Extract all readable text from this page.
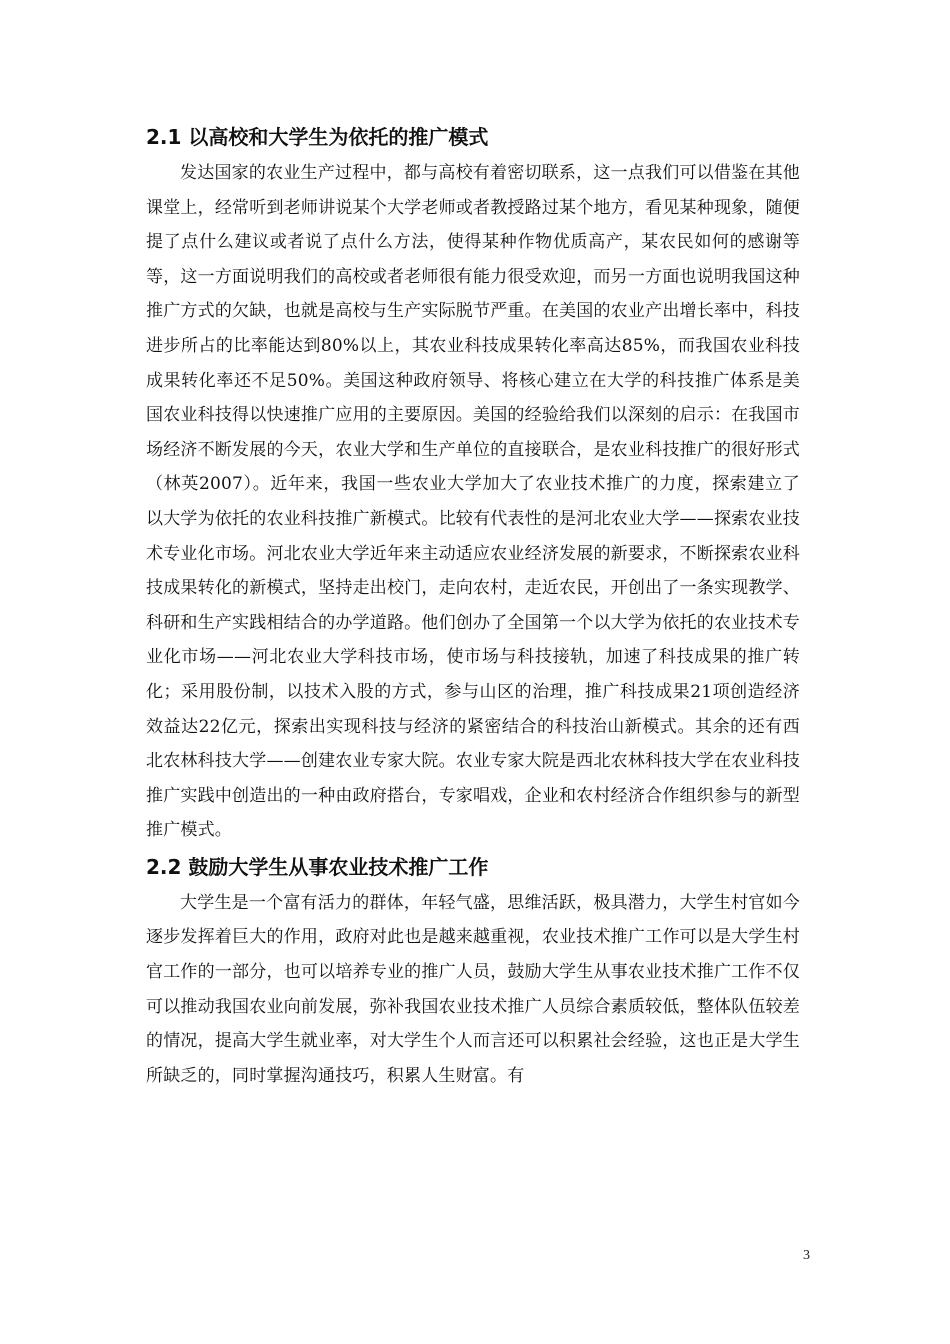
2.1 以高校和大学生为依托的推广模式

发达国家的农业生产过程中，都与高校有着密切联系，这一点我们可以借鉴在其他课堂上，经常听到老师讲说某个大学老师或者教授路过某个地方，看见某种现象，随便提了点什么建议或者说了点什么方法，使得某种作物优质高产，某农民如何的感谢等等，这一方面说明我们的高校或者老师很有能力很受欢迎，而另一方面也说明我国这种推广方式的欠缺，也就是高校与生产实际脱节严重。在美国的农业产出增长率中，科技进步所占的比率能达到80%以上，其农业科技成果转化率高达85%，而我国农业科技成果转化率还不足50%。美国这种政府领导、将核心建立在大学的科技推广体系是美国农业科技得以快速推广应用的主要原因。美国的经验给我们以深刻的启示：在我国市场经济不断发展的今天，农业大学和生产单位的直接联合，是农业科技推广的很好形式（林英2007）。近年来，我国一些农业大学加大了农业技术推广的力度，探索建立了以大学为依托的农业科技推广新模式。比较有代表性的是河北农业大学——探索农业技术专业化市场。河北农业大学近年来主动适应农业经济发展的新要求，不断探索农业科技成果转化的新模式，坚持走出校门，走向农村，走近农民，开创出了一条实现教学、科研和生产实践相结合的办学道路。他们创办了全国第一个以大学为依托的农业技术专业化市场——河北农业大学科技市场，使市场与科技接轨，加速了科技成果的推广转化；采用股份制，以技术入股的方式，参与山区的治理，推广科技成果21项创造经济效益达22亿元，探索出实现科技与经济的紧密结合的科技治山新模式。其余的还有西北农林科技大学——创建农业专家大院。农业专家大院是西北农林科技大学在农业科技推广实践中创造出的一种由政府搭台，专家唱戏，企业和农村经济合作组织参与的新型推广模式。

2.2 鼓励大学生从事农业技术推广工作

大学生是一个富有活力的群体，年轻气盛，思维活跃，极具潜力，大学生村官如今逐步发挥着巨大的作用，政府对此也是越来越重视，农业技术推广工作可以是大学生村官工作的一部分，也可以培养专业的推广人员，鼓励大学生从事农业技术推广工作不仅可以推动我国农业向前发展，弥补我国农业技术推广人员综合素质较低，整体队伍较差的情况，提高大学生就业率，对大学生个人而言还可以积累社会经验，这也正是大学生所缺乏的，同时掌握沟通技巧，积累人生财富。有

3
